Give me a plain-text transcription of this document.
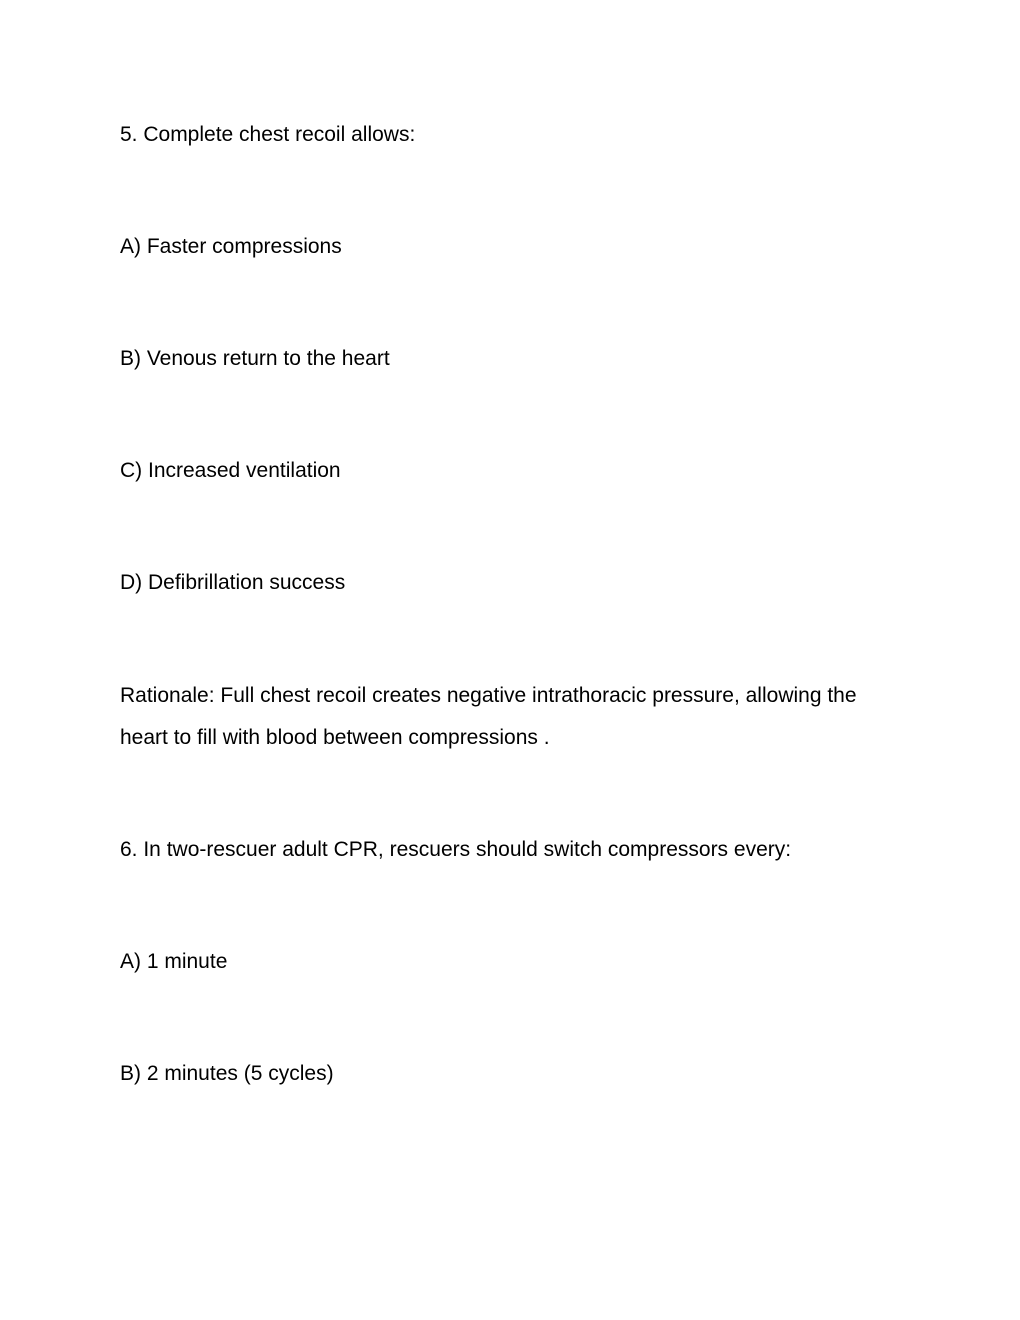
5. Complete chest recoil allows:

A) Faster compressions

B) Venous return to the heart

C) Increased ventilation

D) Defibrillation success

Rationale: Full chest recoil creates negative intrathoracic pressure, allowing the

heart to fill with blood between compressions .

6. In two-rescuer adult CPR, rescuers should switch compressors every:

A) 1 minute

B) 2 minutes (5 cycles)
